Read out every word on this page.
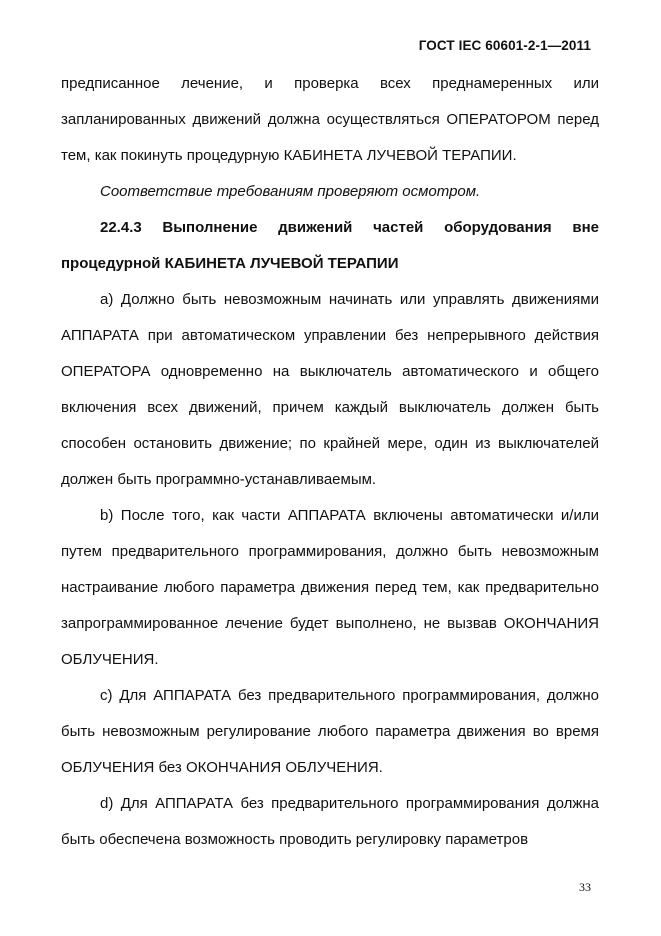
ГОСТ IEC 60601-2-1—2011

предписанное лечение, и проверка всех преднамеренных или запланированных движений должна осуществляться ОПЕРАТОРОМ перед тем, как покинуть процедурную КАБИНЕТА ЛУЧЕВОЙ ТЕРАПИИ.

Соответствие требованиям проверяют осмотром.

22.4.3 Выполнение движений частей оборудования вне процедурной КАБИНЕТА ЛУЧЕВОЙ ТЕРАПИИ

a) Должно быть невозможным начинать или управлять движениями АППАРАТА при автоматическом управлении без непрерывного действия ОПЕРАТОРА одновременно на выключатель автоматического и общего включения всех движений, причем каждый выключатель должен быть способен остановить движение; по крайней мере, один из выключателей должен быть программно-устанавливаемым.

b) После того, как части АППАРАТА включены автоматически и/или путем предварительного программирования, должно быть невозможным настраивание любого параметра движения перед тем, как предварительно запрограммированное лечение будет выполнено, не вызвав ОКОНЧАНИЯ ОБЛУЧЕНИЯ.

c) Для АППАРАТА без предварительного программирования, должно быть невозможным регулирование любого параметра движения во время ОБЛУЧЕНИЯ без ОКОНЧАНИЯ ОБЛУЧЕНИЯ.

d) Для АППАРАТА без предварительного программирования должна быть обеспечена возможность проводить регулировку параметров

33
